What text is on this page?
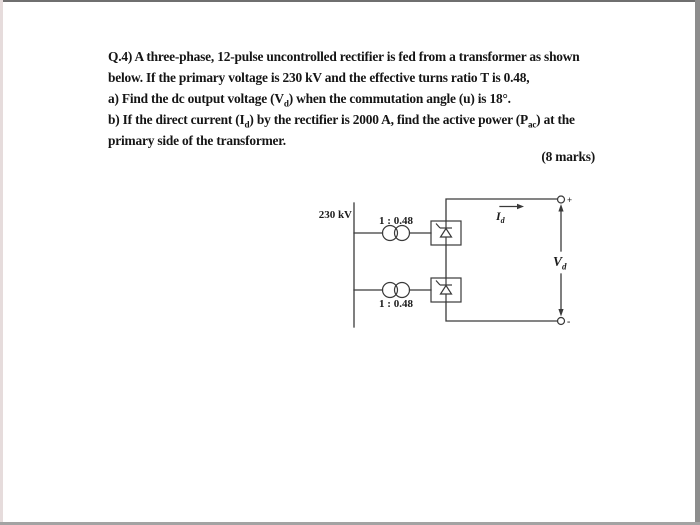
Q.4) A three-phase, 12-pulse uncontrolled rectifier is fed from a transformer as shown
below. If the primary voltage is 230 kV and the effective turns ratio T is 0.48,
a) Find the dc output voltage $(V_d)$ when the commutation angle (u) is 18°.
b) If the direct current $(I_d)$ by the rectifier is 2000 A, find the active power $(P_{ac})$ at the
primary side of the transformer.
(8 marks)
230 kV 1 : 0.48
1 : 0.48
$I_d$
+
$V_d$
-
